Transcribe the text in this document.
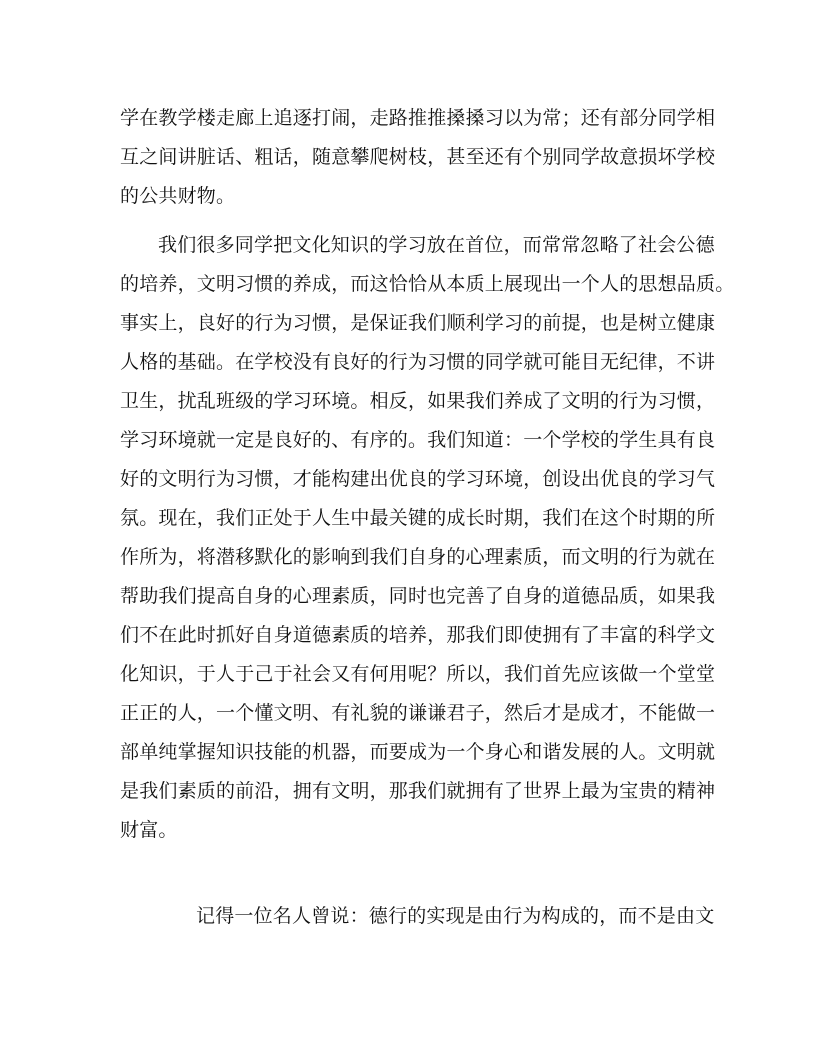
学在教学楼走廊上追逐打闹，走路推推搡搡习以为常；还有部分同学相
互之间讲脏话、粗话，随意攀爬树枝，甚至还有个别同学故意损坏学校
的公共财物。
我们很多同学把文化知识的学习放在首位，而常常忽略了社会公德
的培养，文明习惯的养成，而这恰恰从本质上展现出一个人的思想品质。
事实上，良好的行为习惯，是保证我们顺利学习的前提，也是树立健康
人格的基础。在学校没有良好的行为习惯的同学就可能目无纪律，不讲
卫生，扰乱班级的学习环境。相反，如果我们养成了文明的行为习惯，
学习环境就一定是良好的、有序的。我们知道：一个学校的学生具有良
好的文明行为习惯，才能构建出优良的学习环境，创设出优良的学习气
氛。现在，我们正处于人生中最关键的成长时期，我们在这个时期的所
作所为，将潜移默化的影响到我们自身的心理素质，而文明的行为就在
帮助我们提高自身的心理素质，同时也完善了自身的道德品质，如果我
们不在此时抓好自身道德素质的培养，那我们即使拥有了丰富的科学文
化知识，于人于己于社会又有何用呢？所以，我们首先应该做一个堂堂
正正的人，一个懂文明、有礼貌的谦谦君子，然后才是成才，不能做一
部单纯掌握知识技能的机器，而要成为一个身心和谐发展的人。文明就
是我们素质的前沿，拥有文明，那我们就拥有了世界上最为宝贵的精神
财富。
记得一位名人曾说：德行的实现是由行为构成的，而不是由文
